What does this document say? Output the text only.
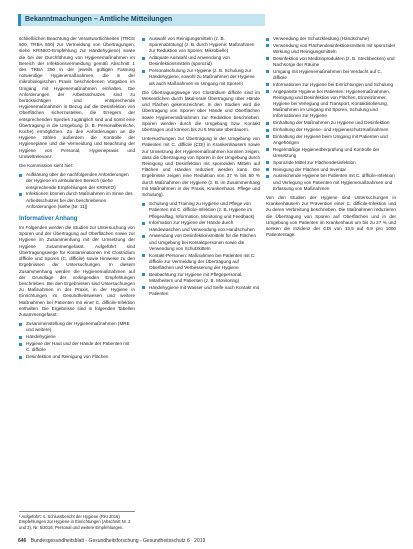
Bekanntmachungen – Amtliche Mitteilungen

schließlichen Beachtung der Verantwortlichkeiten (TRGS 500, TRBA 500) zur Vermeidung von Übertragungen, siehe KRINKO-Empfehlung zur Händehygiene) sowie die bei der Durchführung von Hygienemaßnahmen im Bereich der Infektionsvermeidung gemäß Abschnitt 1 des TRBA 250 in der jeweils gültigen Fassung notwendige Hygienemaßnahmen, die in der mikrobiologischen Praxis beschriebenen Vorgaben im Umgang mit Hygienemaßnahmen einhalten. Die Anforderungen der Arbeitsschutzes sind zu berücksichtigen und entsprechende Hygienemaßnahmen in Bezug auf die Desinfektion von Oberflächen sicherzustellen, die Erregern der entsprechenden Spezies zugänglich sind und somit eine Übertragung in die Umgebung (z. B. Personalbereiche, Küche) ermöglichen. Zu den Anforderungen an die Hygiene zählen außerdem die Kontrolle der Hygienepläne und die Vermeidung und Beachtung der Hygiene von Personal, Hygienepraxis und Umweltrelevanz.

Die Kommission sieht hier:

Aufklärung über die nachfolgenden Anforderungen der Hygiene im ambulanten Bereich (siehe entsprechende Empfehlungen der KRINKO)
Infektionen können durch Maßnahmen im Sinne des Arbeitsschutzes bei den beschriebenen Anforderungen (siehe [Nr. 11])
Informativer Anhang

Im Folgenden werden die Studien zur Untersuchung von Sporen und der Übertragung auf Oberflächen sowie zur Hygiene im Zusammenhang mit der Umsetzung der Hygiene zusammengefasst. Aufgeführt sind Übertragungswege für Kontaminationen mit Clostridium difficile und Sporen (C. difficile) sowie Hinweise zu den Ergebnissen der Untersuchungen. In diesem Zusammenhang werden die Hygienemaßnahmen auf der Grundlage der vorliegenden Empfehlungen beschrieben. Bei den Ergebnissen sind Untersuchungen zu Maßnahmen in der Praxis, in der Hygiene in Einrichtungen im Gesundheitswesen und weitere Maßnahmen bei Patienten mit einer C. difficile-Infektion enthalten. Die Ergebnisse sind in folgenden Tabellen zusammengefasst:

Zusammenstellung der Hygienemaßnahmen (MRE und weitere)
Händehygiene
Hygiene der Haut und der Hände der Patienten mit C. difficile
Desinfektion und Reinigung von Flächen
¹ Aufgeführt: s. Schlussbericht der Hygiene (RKI 2016) Empfehlungen zur Hygiene in Einrichtungen (Abschnitt Nr. 2 und 3), Nr. 5/2016; Personal und weitere Empfehlungen.
Auswahl von Reinigungsmitteln (z. B. Sporenabtötung) (z. B. durch Hygiene: Maßnahmen zur Reduktion von Sporen; Mikrobielle)
Adäquate Auswahl und Anwendung von Desinfektionsmitteln (sporozid)
Personalschulung zur Hygiene (z. B. Schulung zur Händehygiene, sowohl zu Maßnahmen der Hygiene als auch Maßnahmen im Umgang mit Sporen)

Die Übertragungswege von Clostridium difficile sind im Wesentlichen durch fäkal-orale Übertragung über Hände und Flächen gekennzeichnet. In den Studien wird die Übertragung von Sporen über Hände und Oberflächen sowie Hygienemaßnahmen zur Reduktion beschrieben. Sporen werden durch die Umgebung bzw. Kontakt übertragen und können bis zu 5 Monate überdauern.

Untersuchungen zur Übertragung in der Umgebung von Patienten mit C. difficile (CDI) in Krankenhäusern sowie zur Umsetzung der Hygienemaßnahmen konnten zeigen, dass die Übertragung von Sporen in der Umgebung durch Reinigung und Desinfektion mit sporoziden Mitteln auf Flächen und Händen reduziert werden kann. Die Ergebnisse zeigen eine Reduktion von 37 % bis 80 % durch Maßnahmen der Hygiene (z. B. im Zusammenhang mit Maßnahmen in der Praxis, Krankenhaus, Pflege und Schulung).

Schulung und Training zu Hygiene und Pflege von Patienten mit C. difficile-Infektion (z. B. Hygiene im Pflegealltag, Information, Monitoring und Feedback)
Information zur Hygiene der Hände durch Händewaschen und Verwendung von Handschuhen
Anwendung von Desinfektionsmitteln für die Flächen und Umgebung bei Kontaktpersonen sowie die Verwendung von Schutzkitteln
Kontakt-Personen: Maßnahmen bei Patienten mit C. difficile zur Vermeidung der Übertragung auf Oberflächen und Verbesserung der Hygiene
Beobachtung zur Hygiene mit Pflegepersonal, Mitarbeitern und Patienten (z. B. Monitoring)
Händehygiene mit Wasser und Seife nach Kontakt mit Patienten
Verwendung der Schutzkleidung (Handschuhe)
Verwendung von Flächendesinfektionsmitteln mit sporozider Wirkung und Reinigungsmitteln
Desinfektion von Medizinprodukten (z. B. Steckbecken) und Nachsorge der Räume
Umgang mit Hygienemaßnahmen bei Verdacht auf C. difficile
Informationen zur Hygiene bei Einrichtungen und Schulung
Angepasste Hygiene bei Patienten: Hygienemaßnahmen, Reinigung und Desinfektion von Flächen, Einzelzimmer, Hygiene bei Verlegung und Transport, Kontaktisolierung, Maßnahmen im Umgang mit Sporen, Schulung und Informationen zur Hygiene
Einhaltung der Maßnahmen zu Hygiene und Desinfektion
Einhaltung der Hygiene- und Hygieneschutzmaßnahmen
Einhaltung der Hygiene beim Umgang mit Patienten und Angehörigen
Regelmäßige Hygieneüberprüfung und Kontrolle der Umsetzung
Sporozide Mittel zur Flächendesinfektion
Reinigung der Flächen und Inventar
Ausreichende Hygiene bei Patienten mit C. difficile-Infektion und Verlegung von Patienten mit Hygienemaßnahmen und Erfassung von Maßnahmen

Von den Studien der Hygiene sind Untersuchungen in Krankenhäusern zur Prävention einer C. difficile-Infektion und zu deren Verbreitung beschrieben. Die Maßnahmen reduzieren die Übertragung von Sporen auf Oberflächen und in der Umgebung von Patienten im Krankenhaus um bis zu 27 % und senken die Inzidenz der CDI von 13,5 auf 6,9 pro 1000 Patiententage.

646 Bundesgesundheitsblatt - Gesundheitsforschung - Gesundheitsschutz 6 · 2019
